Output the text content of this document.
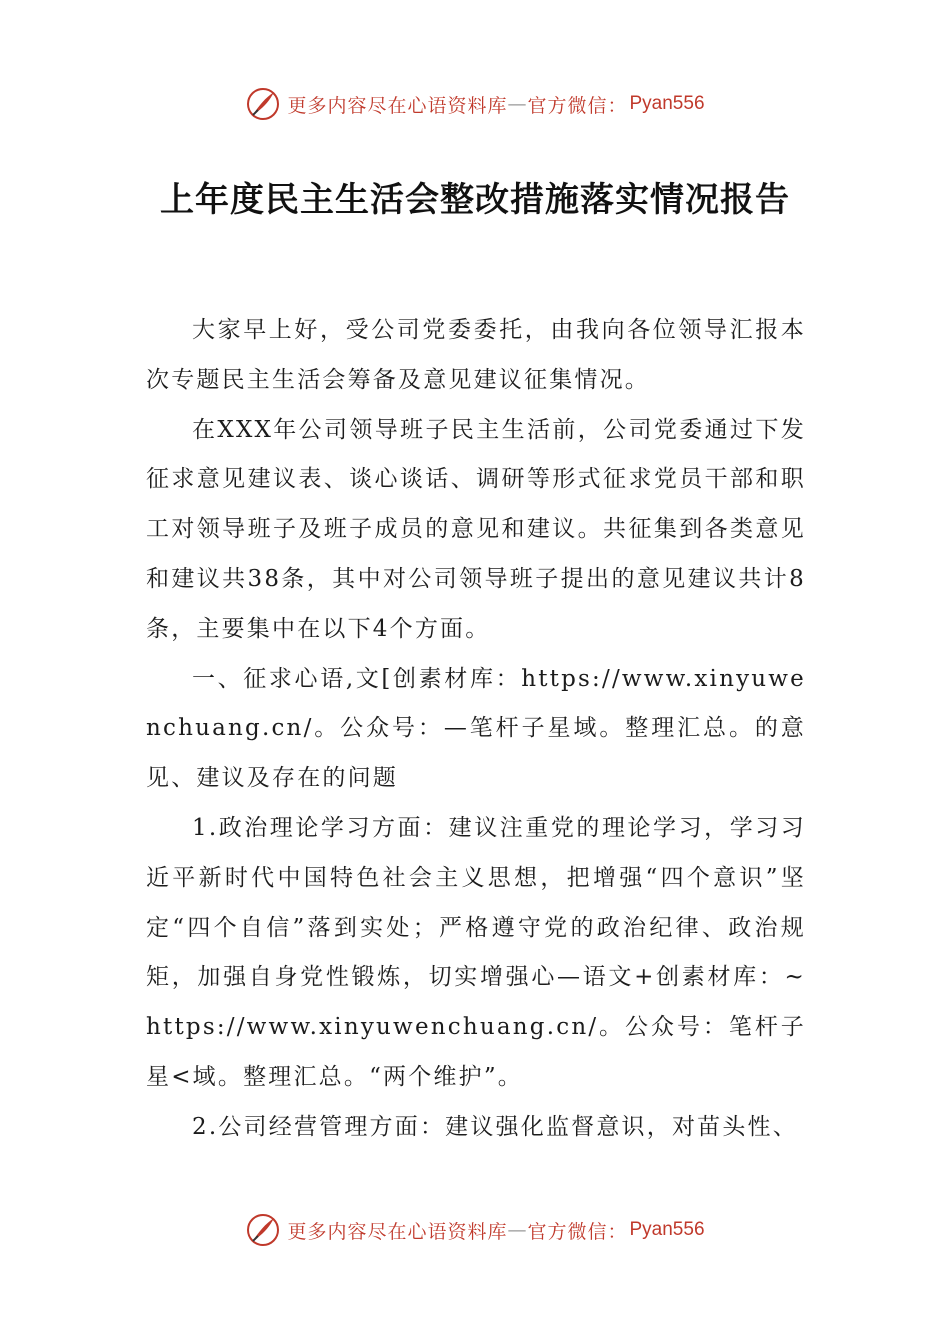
更多内容尽在心语资料库 — 官方微信： Pyan556
上年度民主生活会整改措施落实情况报告

大家早上好，受公司党委委托，由我向各位领导汇报本次专题民主生活会筹备及意见建议征集情况。

在XXX年公司领导班子民主生活前，公司党委通过下发征求意见建议表、谈心谈话、调研等形式征求党员干部和职工对领导班子及班子成员的意见和建议。共征集到各类意见和建议共38条，其中对公司领导班子提出的意见建议共计8条，主要集中在以下4个方面。

一、征求心语,文[创素材库：https://www.xinyuwenchuang.cn/。公众号：—笔杆子星域。整理汇总。的意见、建议及存在的问题

1.政治理论学习方面：建议注重党的理论学习，学习习近平新时代中国特色社会主义思想，把增强“四个意识”坚定“四个自信”落到实处；严格遵守党的政治纪律、政治规矩，加强自身党性锻炼，切实增强心—语文+创素材库：~https://www.xinyuwenchuang.cn/。公众号：笔杆子星<域。整理汇总。“两个维护”。

2.公司经营管理方面：建议强化监督意识，对苗头性、

更多内容尽在心语资料库 — 官方微信： Pyan556
